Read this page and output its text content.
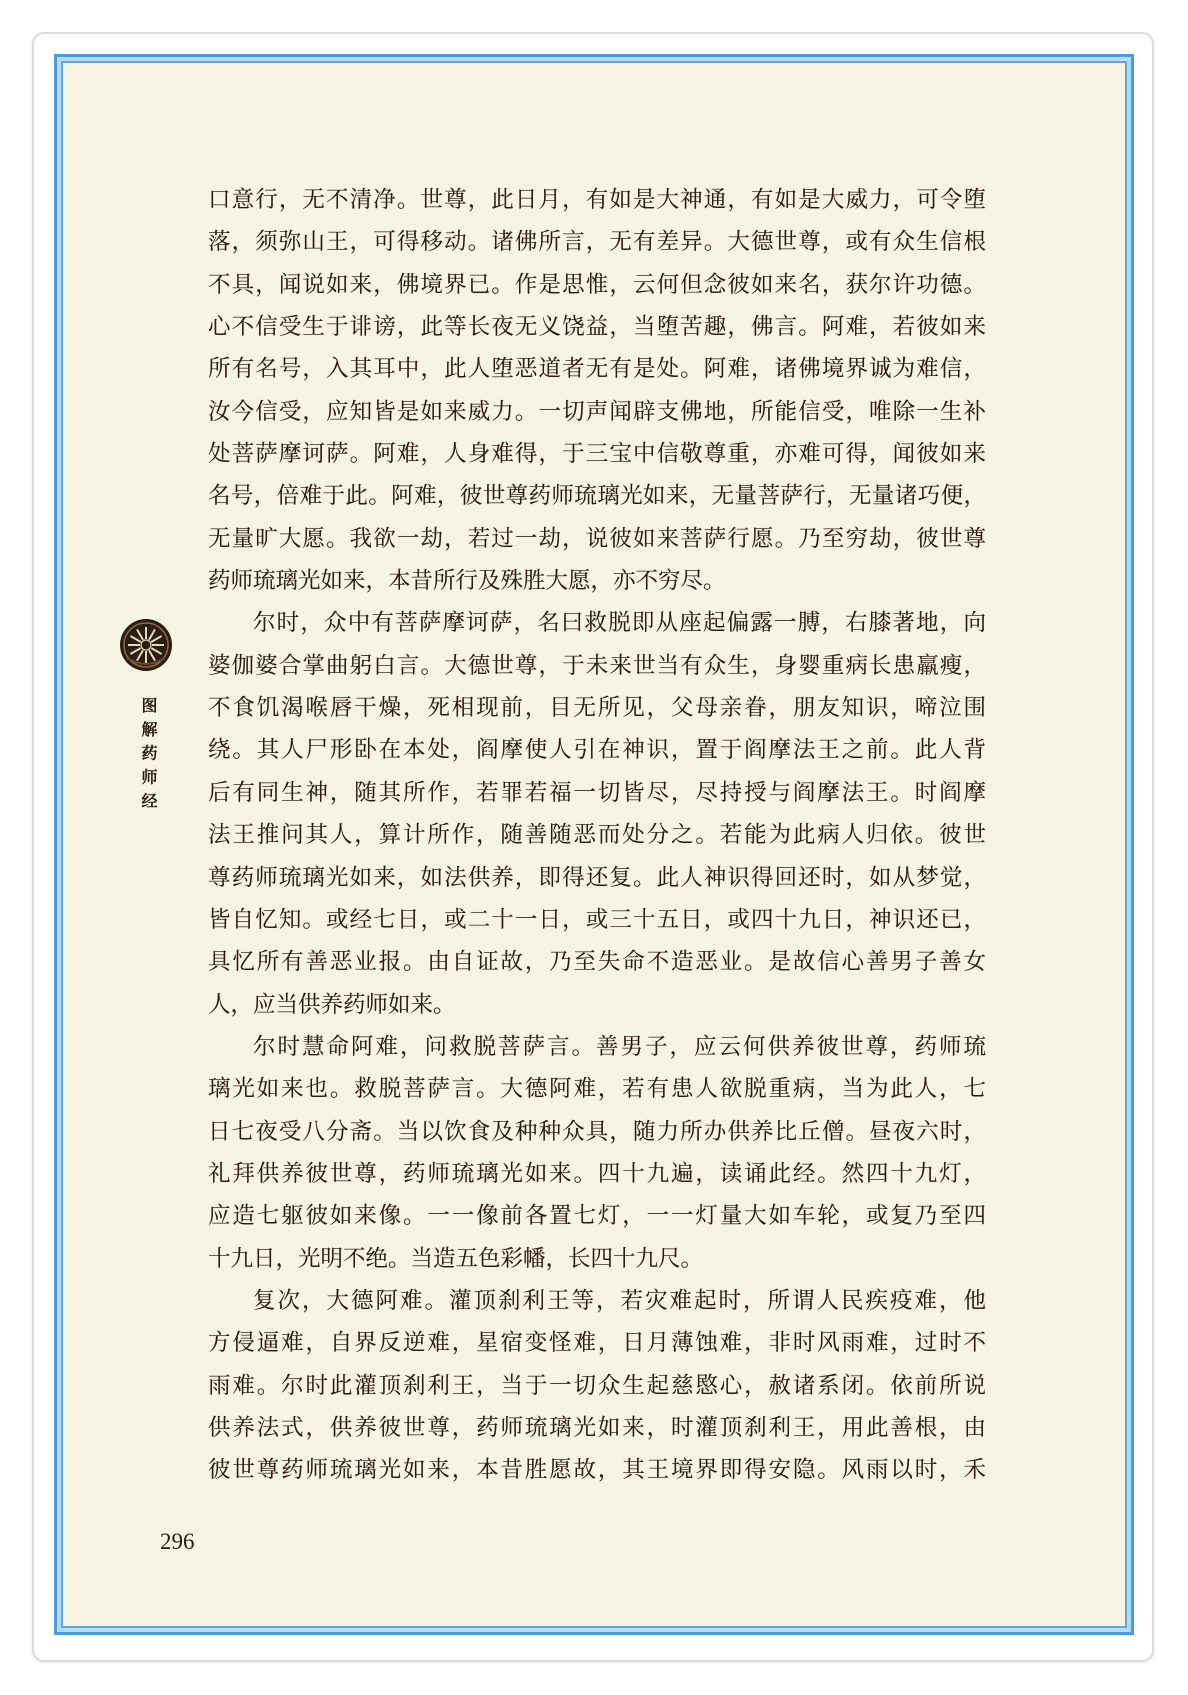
图解药师经
口意行，无不清净。世尊，此日月，有如是大神通，有如是大威力，可令堕
落，须弥山王，可得移动。诸佛所言，无有差异。大德世尊，或有众生信根
不具，闻说如来，佛境界已。作是思惟，云何但念彼如来名，获尔许功德。
心不信受生于诽谤，此等长夜无义饶益，当堕苦趣，佛言。阿难，若彼如来
所有名号，入其耳中，此人堕恶道者无有是处。阿难，诸佛境界诚为难信，
汝今信受，应知皆是如来威力。一切声闻辟支佛地，所能信受，唯除一生补
处菩萨摩诃萨。阿难，人身难得，于三宝中信敬尊重，亦难可得，闻彼如来
名号，倍难于此。阿难，彼世尊药师琉璃光如来，无量菩萨行，无量诸巧便，
无量旷大愿。我欲一劫，若过一劫，说彼如来菩萨行愿。乃至穷劫，彼世尊
药师琉璃光如来，本昔所行及殊胜大愿，亦不穷尽。
尔时，众中有菩萨摩诃萨，名曰救脱即从座起偏露一膊，右膝著地，向
婆伽婆合掌曲躬白言。大德世尊，于未来世当有众生，身婴重病长患羸瘦，
不食饥渴喉唇干燥，死相现前，目无所见，父母亲眷，朋友知识，啼泣围
绕。其人尸形卧在本处，阎摩使人引在神识，置于阎摩法王之前。此人背
后有同生神，随其所作，若罪若福一切皆尽，尽持授与阎摩法王。时阎摩
法王推问其人，算计所作，随善随恶而处分之。若能为此病人归依。彼世
尊药师琉璃光如来，如法供养，即得还复。此人神识得回还时，如从梦觉，
皆自忆知。或经七日，或二十一日，或三十五日，或四十九日，神识还已，
具忆所有善恶业报。由自证故，乃至失命不造恶业。是故信心善男子善女
人，应当供养药师如来。
尔时慧命阿难，问救脱菩萨言。善男子，应云何供养彼世尊，药师琉
璃光如来也。救脱菩萨言。大德阿难，若有患人欲脱重病，当为此人，七
日七夜受八分斋。当以饮食及种种众具，随力所办供养比丘僧。昼夜六时，
礼拜供养彼世尊，药师琉璃光如来。四十九遍，读诵此经。然四十九灯，
应造七躯彼如来像。一一像前各置七灯，一一灯量大如车轮，或复乃至四
十九日，光明不绝。当造五色彩幡，长四十九尺。
复次，大德阿难。灌顶刹利王等，若灾难起时，所谓人民疾疫难，他
方侵逼难，自界反逆难，星宿变怪难，日月薄蚀难，非时风雨难，过时不
雨难。尔时此灌顶刹利王，当于一切众生起慈愍心，赦诸系闭。依前所说
供养法式，供养彼世尊，药师琉璃光如来，时灌顶刹利王，用此善根，由
彼世尊药师琉璃光如来，本昔胜愿故，其王境界即得安隐。风雨以时，禾
296
